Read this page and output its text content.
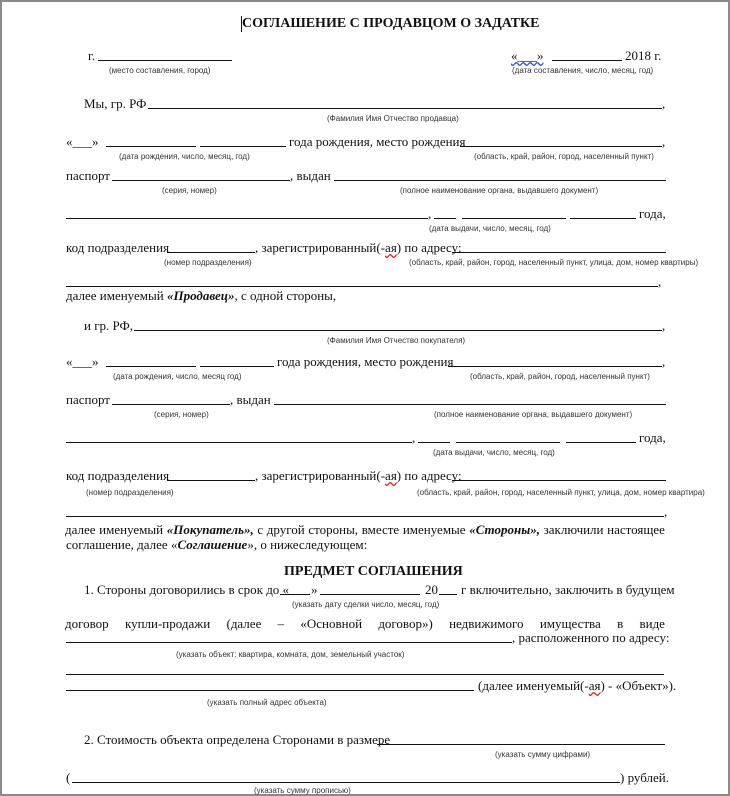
СОГЛАШЕНИЕ С ПРОДАВЦОМ О ЗАДАТКЕ
г.
(место составления, город)
«___»	2018 г.
(дата составления, число, месяц, год)
Мы, гр. РФ	,
(Фамилия Имя Отчество продавца)
«___»	года рождения, место рождения	,
(дата рождения, число, месяц, год)	(область, край, район, город, населенный пункт)
паспорт	, выдан
(серия, номер)	(полное наименование органа, выдавшего документ)
,	года,
(дата выдачи, число, месяц, год)
код подразделения	, зарегистрированный(-ая) по адресу:
(номер подразделения)	(область, край, район, город, населенный пункт, улица, дом, номер квартиры)
,
далее именуемый «Продавец», с одной стороны,
и гр. РФ,	,
(Фамилия Имя Отчество покупателя)
«___»	года рождения, место рождения	,
(дата рождения, число, месяц год)	(область, край, район, город, населенный пункт)
паспорт	, выдан
(серия, номер)	(полное наименование органа, выдавшего документ)
,	года,
(дата выдачи, число, месяц, год)
код подразделения	, зарегистрированный(-ая) по адресу:
(номер подразделения)	(область, край, район, город, населенный пункт, улица, дом, номер квартира)
,
далее именуемый «Покупатель», с другой стороны, вместе именуемые «Стороны», заключили настоящее
соглашение, далее «Соглашение», о нижеследующем:
ПРЕДМЕТ СОГЛАШЕНИЯ
1. Стороны договорились в срок до « »	20 г включительно, заключить в будущем
(указать дату сделки число, месяц, год)
договор купли-продажи (далее – «Основной договор») недвижимого имущества в виде
, расположенного по адресу:
(указать объект: квартира, комната, дом, земельный участок)
(далее именуемый(-ая) - «Объект»).
(указать полный адрес объекта)
2. Стоимость объекта определена Сторонами в размере
(указать сумму цифрами)
(	) рублей.
(указать сумму прописью)
